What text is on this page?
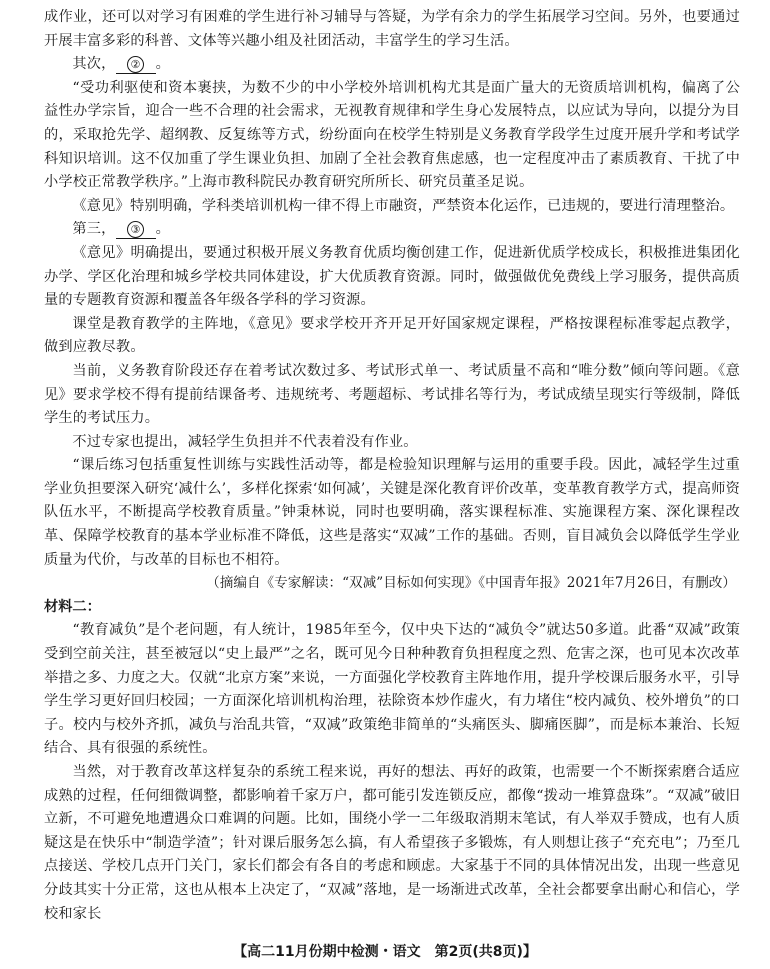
成作业，还可以对学习有困难的学生进行补习辅导与答疑，为学有余力的学生拓展学习空间。另外，也要通过开展丰富多彩的科普、文体等兴趣小组及社团活动，丰富学生的学习生活。

其次， ② 。

“受功利驱使和资本裹挟，为数不少的中小学校外培训机构尤其是面广量大的无资质培训机构，偏离了公益性办学宗旨，迎合一些不合理的社会需求，无视教育规律和学生身心发展特点，以应试为导向，以提分为目的，采取抢先学、超纲教、反复练等方式，纷纷面向在校学生特别是义务教育学段学生过度开展升学和考试学科知识培训。这不仅加重了学生课业负担、加剧了全社会教育焦虑感，也一定程度冲击了素质教育、干扰了中小学校正常教学秩序。”上海市教科院民办教育研究所所长、研究员董圣足说。

《意见》特别明确，学科类培训机构一律不得上市融资，严禁资本化运作，已违规的，要进行清理整治。

第三， ③ 。

《意见》明确提出，要通过积极开展义务教育优质均衡创建工作，促进新优质学校成长，积极推进集团化办学、学区化治理和城乡学校共同体建设，扩大优质教育资源。同时，做强做优免费线上学习服务，提供高质量的专题教育资源和覆盖各年级各学科的学习资源。

课堂是教育教学的主阵地，《意见》要求学校开齐开足开好国家规定课程，严格按课程标准零起点教学，做到应教尽教。

当前，义务教育阶段还存在着考试次数过多、考试形式单一、考试质量不高和“唯分数”倾向等问题。《意见》要求学校不得有提前结课备考、违规统考、考题超标、考试排名等行为，考试成绩呈现实行等级制，降低学生的考试压力。

不过专家也提出，减轻学生负担并不代表着没有作业。

“课后练习包括重复性训练与实践性活动等，都是检验知识理解与运用的重要手段。因此，减轻学生过重学业负担要深入研究‘减什么’，多样化探索‘如何减’，关键是深化教育评价改革，变革教育教学方式，提高师资队伍水平，不断提高学校教育质量。”钟秉林说，同时也要明确，落实课程标准、实施课程方案、深化课程改革、保障学校教育的基本学业标准不降低，这些是落实“双减”工作的基础。否则，盲目减负会以降低学生学业质量为代价，与改革的目标也不相符。

（摘编自《专家解读：“双减”目标如何实现》《中国青年报》2021年7月26日，有删改）

材料二：

“教育减负”是个老问题，有人统计，1985年至今，仅中央下达的“减负令”就达50多道。此番“双减”政策受到空前关注，甚至被冠以“史上最严”之名，既可见今日种种教育负担程度之烈、危害之深，也可见本次改革举措之多、力度之大。仅就“北京方案”来说，一方面强化学校教育主阵地作用，提升学校课后服务水平，引导学生学习更好回归校园；一方面深化培训机构治理，祛除资本炒作虚火，有力堵住“校内减负、校外增负”的口子。校内与校外齐抓，减负与治乱共管，“双减”政策绝非简单的“头痛医头、脚痛医脚”，而是标本兼治、长短结合、具有很强的系统性。

当然，对于教育改革这样复杂的系统工程来说，再好的想法、再好的政策，也需要一个不断探索磨合适应成熟的过程，任何细微调整，都影响着千家万户，都可能引发连锁反应，都像“拨动一堆算盘珠”。“双减”破旧立新，不可避免地遭遇众口难调的问题。比如，围绕小学一二年级取消期末笔试，有人举双手赞成，也有人质疑这是在快乐中“制造学渣”；针对课后服务怎么搞，有人希望孩子多锻炼，有人则想让孩子“充充电”；乃至几点接送、学校几点开门关门，家长们都会有各自的考虑和顾虑。大家基于不同的具体情况出发，出现一些意见分歧其实十分正常，这也从根本上决定了，“双减”落地，是一场渐进式改革，全社会都要拿出耐心和信心，学校和家长

【高二11月份期中检测・语文　第2页(共8页)】
